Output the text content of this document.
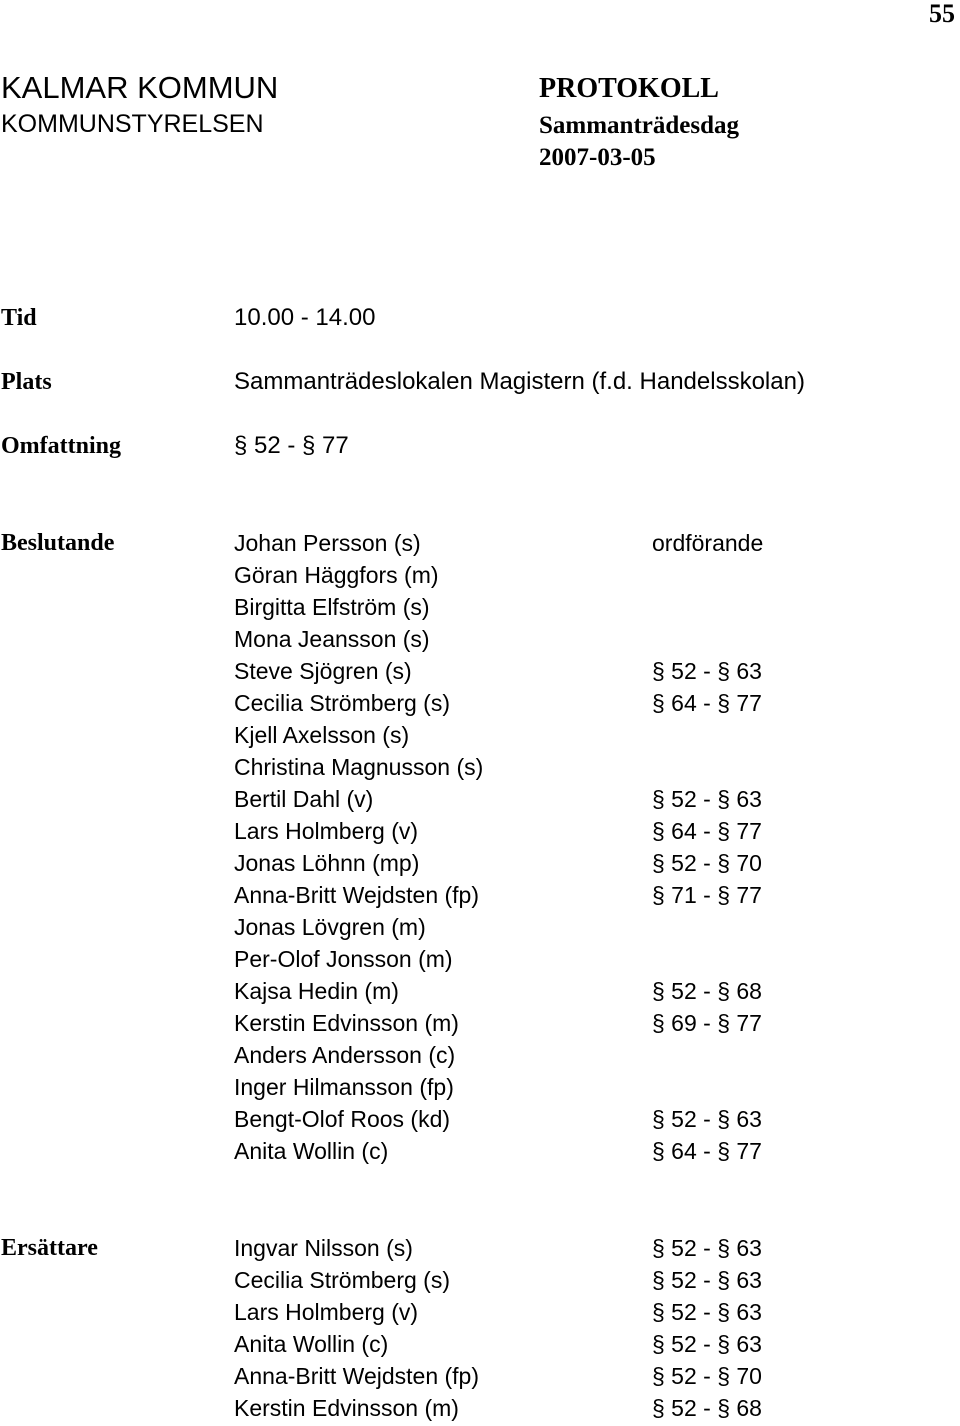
55
KALMAR KOMMUN
KOMMUNSTYRELSEN
PROTOKOLL
Sammanträdesdag
2007-03-05
Tid	10.00 - 14.00
Plats	Sammanträdeslokalen Magistern (f.d. Handelsskolan)
Omfattning	§ 52 - § 77
Beslutande	Johan Persson (s)	ordförande
Göran Häggfors (m)
Birgitta Elfström (s)
Mona Jeansson (s)
Steve Sjögren (s)	§ 52 - § 63
Cecilia Strömberg (s)	§ 64 - § 77
Kjell Axelsson (s)
Christina Magnusson (s)
Bertil Dahl (v)	§ 52 - § 63
Lars Holmberg (v)	§ 64 - § 77
Jonas Löhnn (mp)	§ 52 - § 70
Anna-Britt Wejdsten (fp)	§ 71 - § 77
Jonas Lövgren (m)
Per-Olof Jonsson (m)
Kajsa Hedin (m)	§ 52 - § 68
Kerstin Edvinsson (m)	§ 69 - § 77
Anders Andersson (c)
Inger Hilmansson (fp)
Bengt-Olof Roos (kd)	§ 52 - § 63
Anita Wollin (c)	§ 64 - § 77
Ersättare	Ingvar Nilsson (s)	§ 52 - § 63
Cecilia Strömberg (s)	§ 52 - § 63
Lars Holmberg (v)	§ 52 - § 63
Anita Wollin (c)	§ 52 - § 63
Anna-Britt Wejdsten (fp)	§ 52 - § 70
Kerstin Edvinsson (m)	§ 52 - § 68
